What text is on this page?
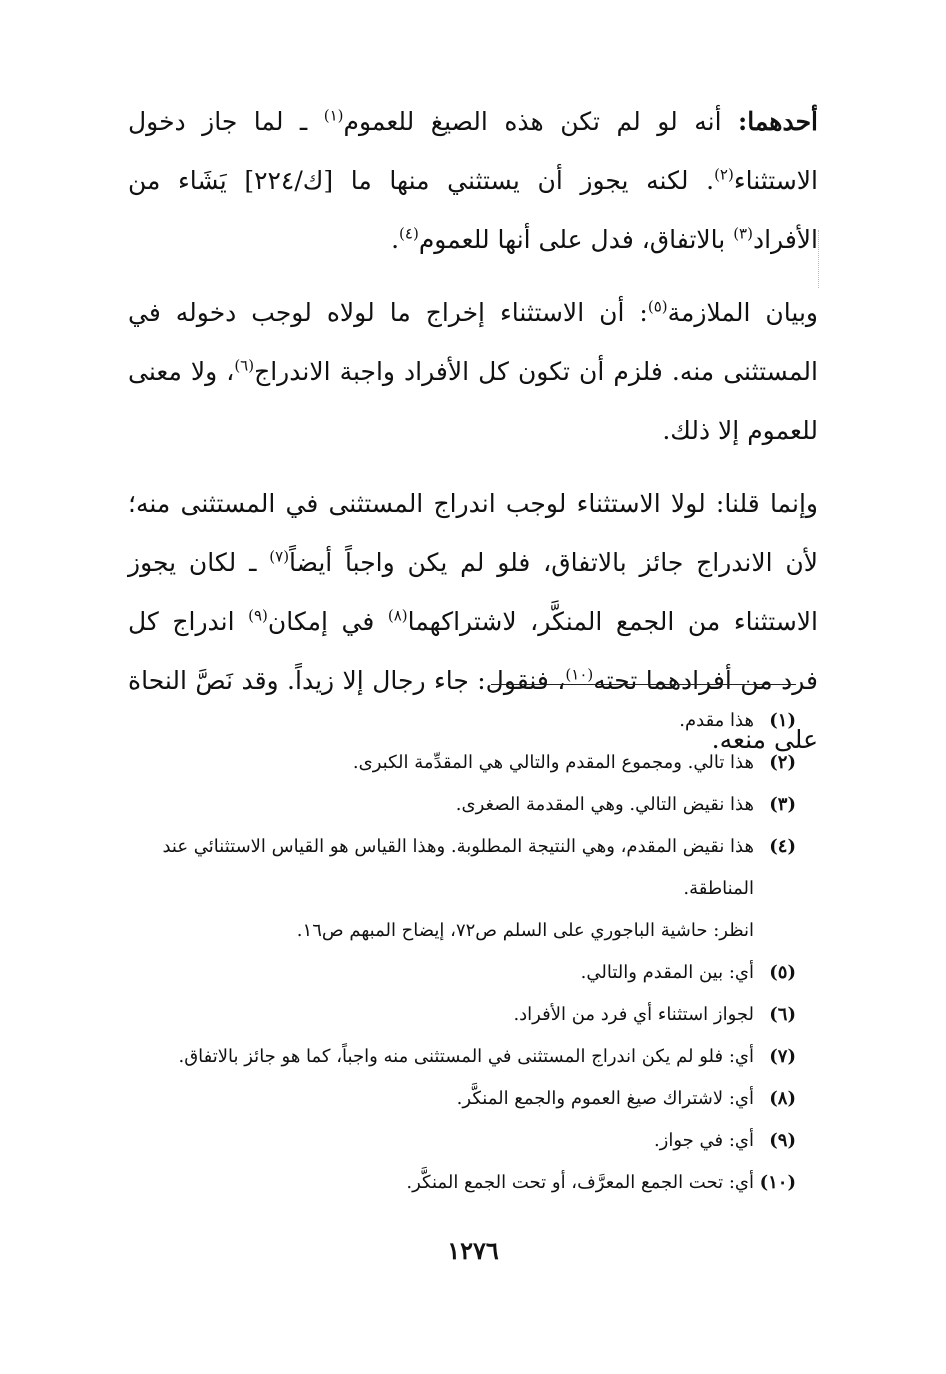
أحدهما: أنه لو لم تكن هذه الصيغ للعموم$^{(١)}$ ـ لما جاز دخول الاستثناء$^{(٢)}$. لكنه يجوز أن يستثني منها ما [ك/٢٢٤] يَشَاء من الأفراد$^{(٣)}$ بالاتفاق، فدل على أنها للعموم$^{(٤)}$.

وبيان الملازمة$^{(٥)}$: أن الاستثناء إخراج ما لولاه لوجب دخوله في المستثنى منه. فلزم أن تكون كل الأفراد واجبة الاندراج$^{(٦)}$، ولا معنى للعموم إلا ذلك.

وإنما قلنا: لولا الاستثناء لوجب اندراج المستثنى في المستثنى منه؛ لأن الاندراج جائز بالاتفاق، فلو لم يكن واجباً أيضاً$^{(٧)}$ ـ لكان يجوز الاستثناء من الجمع المنكَّر، لاشتراكهما$^{(٨)}$ في إمكان$^{(٩)}$ اندراج كل فرد من أفرادهما تحته$^{(١٠)}$، فنقول: جاء رجال إلا زيداً. وقد نَصَّ النحاة على منعه.

(١)
هذا مقدم.
(٢)
هذا تالي. ومجموع المقدم والتالي هي المقدِّمة الكبرى.
(٣)
هذا نقيض التالي. وهي المقدمة الصغرى.
(٤)
هذا نقيض المقدم، وهي النتيجة المطلوبة. وهذا القياس هو القياس الاستثنائي عند المناطقة.
انظر: حاشية الباجوري على السلم ص٧٢، إيضاح المبهم ص١٦.
(٥)
أي: بين المقدم والتالي.
(٦)
لجواز استثناء أي فرد من الأفراد.
(٧)
أي: فلو لم يكن اندراج المستثنى في المستثنى منه واجباً، كما هو جائز بالاتفاق.
(٨)
أي: لاشتراك صيغ العموم والجمع المنكَّر.
(٩)
أي: في جواز.
(١٠)
أي: تحت الجمع المعرَّف، أو تحت الجمع المنكَّر.
١٢٧٦
